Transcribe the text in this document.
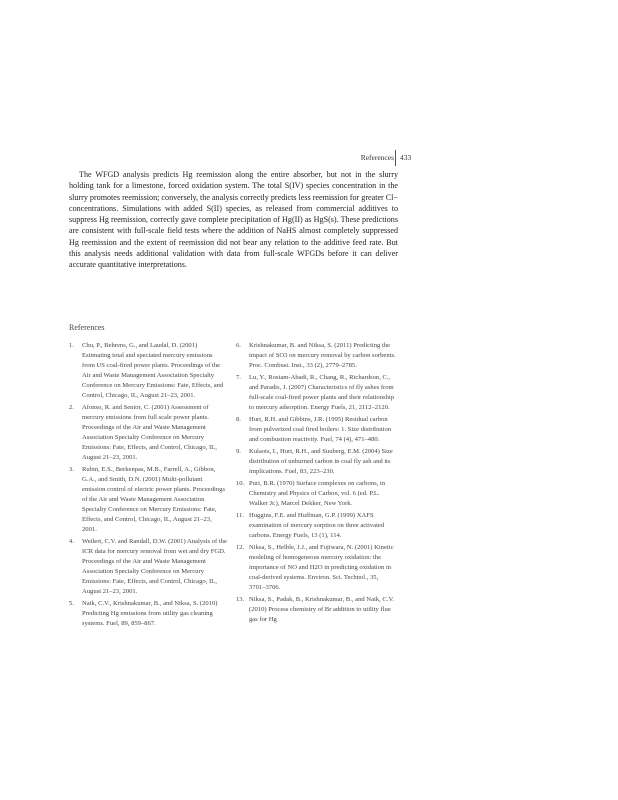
References 433

The WFGD analysis predicts Hg reemission along the entire absorber, but not in the slurry holding tank for a limestone, forced oxidation system. The total S(IV) species concentration in the slurry promotes reemission; conversely, the analysis correctly predicts less reemission for greater Cl− concentrations. Simulations with added S(II) species, as released from commercial additives to suppress Hg reemission, correctly gave complete precipitation of Hg(II) as HgS(s). These predictions are consistent with full-scale field tests where the addition of NaHS almost completely suppressed Hg reemission and the extent of reemission did not bear any relation to the additive feed rate. But this analysis needs additional validation with data from full-scale WFGDs before it can deliver accurate quantitative interpretations.

References
1. Chu, P., Behrens, G., and Laudal, D. (2001) Estimating total and speciated mercury emissions from US coal-fired power plants. Proceedings of the Air and Waste Management Association Specialty Conference on Mercury Emissions: Fate, Effects, and Control, Chicago, IL, August 21–23, 2001.
2. Afonso, R. and Senior, C. (2001) Assessment of mercury emissions from full scale power plants. Proceedings of the Air and Waste Management Association Specialty Conference on Mercury Emissions: Fate, Effects, and Control, Chicago, IL, August 21–23, 2001.
3. Rubin, E.S., Berkenpas, M.B., Farrell, A., Gibbon, G.A., and Smith, D.N. (2001) Multi-pollutant emission control of electric power plants. Proceedings of the Air and Waste Management Association Specialty Conference on Mercury Emissions: Fate, Effects, and Control, Chicago, IL, August 21–23, 2001.
4. Weilert, C.V. and Randall, D.W. (2001) Analysis of the ICR data for mercury removal from wet and dry FGD. Proceedings of the Air and Waste Management Association Specialty Conference on Mercury Emissions: Fate, Effects, and Control, Chicago, IL, August 21–23, 2001.
5. Naik, C.V., Krishnakumar, B., and Niksa, S. (2010) Predicting Hg emissions from utility gas cleaning systems. Fuel, 89, 859–867.
6. Krishnakumar, B. and Niksa, S. (2011) Predicting the impact of SO3 on mercury removal by carbon sorbents. Proc. Combust. Inst., 33 (2), 2779–2785.
7. Lu, Y., Rostam-Abadi, R., Chang, R., Richardson, C., and Paradis, J. (2007) Characteristics of fly ashes from full-scale coal-fired power plants and their relationship to mercury adsorption. Energy Fuels, 21, 2112–2120.
8. Hurt, R.H. and Gibbins, J.R. (1995) Residual carbon from pulverized coal fired boilers: 1. Size distribution and combustion reactivity. Fuel, 74 (4), 471–480.
9. Kulaots, I., Hurt, R.H., and Suuberg, E.M. (2004) Size distribution of unburned carbon in coal fly ash and its implications. Fuel, 83, 223–230.
10. Puri, B.R. (1970) Surface complexes on carbons, in Chemistry and Physics of Carbon, vol. 6 (ed. P.L. Walker Jr.), Marcel Dekker, New York.
11. Huggins, F.E. and Huffman, G.P. (1999) XAFS examination of mercury sorption on three activated carbons. Energy Fuels, 13 (1), 114.
12. Niksa, S., Helble, J.J., and Fujiwara, N. (2001) Kinetic modeling of homogeneous mercury oxidation: the importance of NO and H2O in predicting oxidation in coal-derived systems. Environ. Sci. Technol., 35, 3701–3706.
13. Niksa, S., Padak, B., Krishnakumar, B., and Naik, C.V. (2010) Process chemistry of Br addition to utility flue gas for Hg
